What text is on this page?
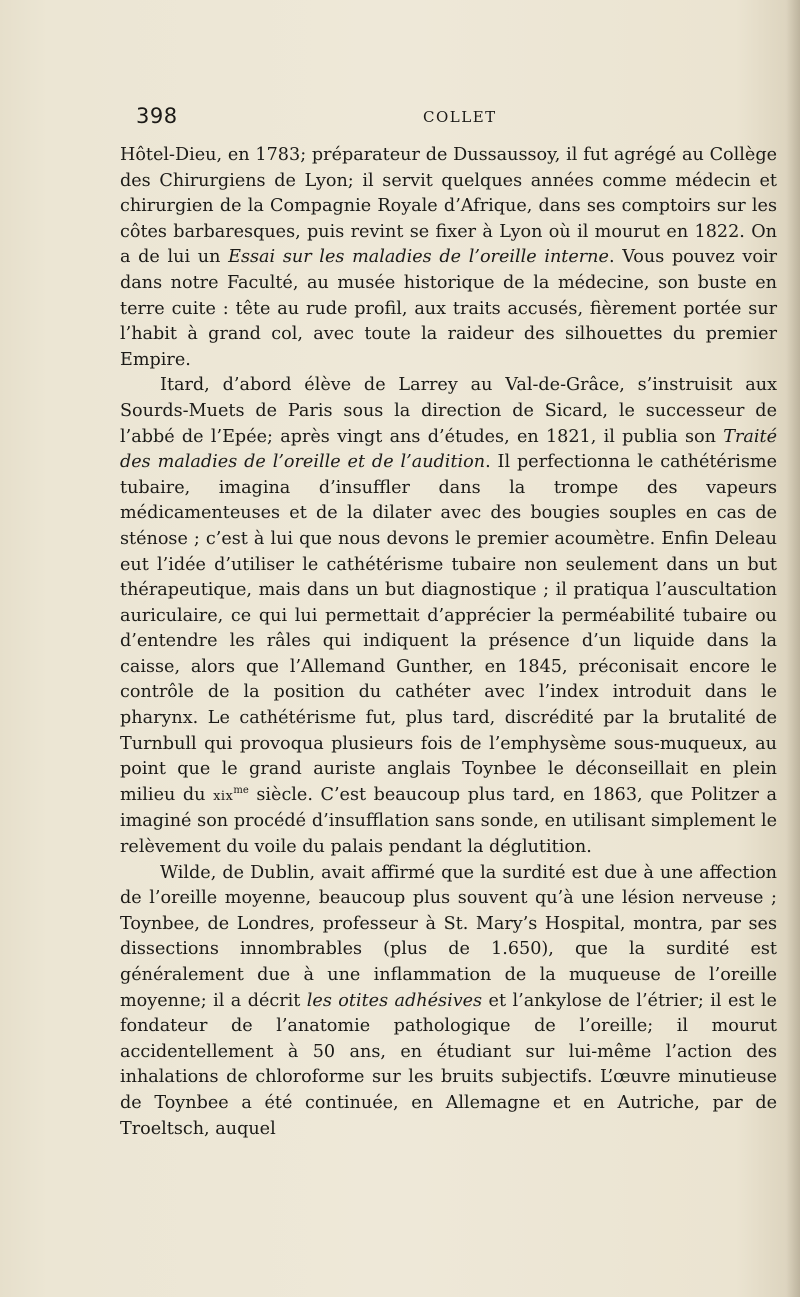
398	COLLET

Hôtel-Dieu, en 1783; préparateur de Dussaussoy, il fut agrégé au Collège des Chirurgiens de Lyon; il servit quelques années comme médecin et chirurgien de la Compagnie Royale d’Afrique, dans ses comptoirs sur les côtes barbaresques, puis revint se fixer à Lyon où il mourut en 1822. On a de lui un Essai sur les maladies de l’oreille interne. Vous pouvez voir dans notre Faculté, au musée historique de la médecine, son buste en terre cuite : tête au rude profil, aux traits accusés, fièrement portée sur l’habit à grand col, avec toute la raideur des silhouettes du premier Empire.

Itard, d’abord élève de Larrey au Val-de-Grâce, s’instruisit aux Sourds-Muets de Paris sous la direction de Sicard, le successeur de l’abbé de l’Epée; après vingt ans d’études, en 1821, il publia son Traité des maladies de l’oreille et de l’audition. Il perfectionna le cathétérisme tubaire, imagina d’insuffler dans la trompe des vapeurs médicamenteuses et de la dilater avec des bougies souples en cas de sténose ; c’est à lui que nous devons le premier acoumètre. Enfin Deleau eut l’idée d’utiliser le cathétérisme tubaire non seulement dans un but thérapeutique, mais dans un but diagnostique ; il pratiqua l’auscultation auriculaire, ce qui lui permettait d’apprécier la perméabilité tubaire ou d’entendre les râles qui indiquent la présence d’un liquide dans la caisse, alors que l’Allemand Gunther, en 1845, préconisait encore le contrôle de la position du cathéter avec l’index introduit dans le pharynx. Le cathétérisme fut, plus tard, discrédité par la brutalité de Turnbull qui provoqua plusieurs fois de l’emphysème sous-muqueux, au point que le grand auriste anglais Toynbee le déconseillait en plein milieu du xix$^{me}$ siècle. C’est beaucoup plus tard, en 1863, que Politzer a imaginé son procédé d’insufflation sans sonde, en utilisant simplement le relèvement du voile du palais pendant la déglutition.

Wilde, de Dublin, avait affirmé que la surdité est due à une affection de l’oreille moyenne, beaucoup plus souvent qu’à une lésion nerveuse ; Toynbee, de Londres, professeur à St. Mary’s Hospital, montra, par ses dissections innombrables (plus de 1.650), que la surdité est généralement due à une inflammation de la muqueuse de l’oreille moyenne; il a décrit les otites adhésives et l’ankylose de l’étrier; il est le fondateur de l’anatomie pathologique de l’oreille; il mourut accidentellement à 50 ans, en étudiant sur lui-même l’action des inhalations de chloroforme sur les bruits subjectifs. L’œuvre minutieuse de Toynbee a été continuée, en Allemagne et en Autriche, par de Troeltsch, auquel
